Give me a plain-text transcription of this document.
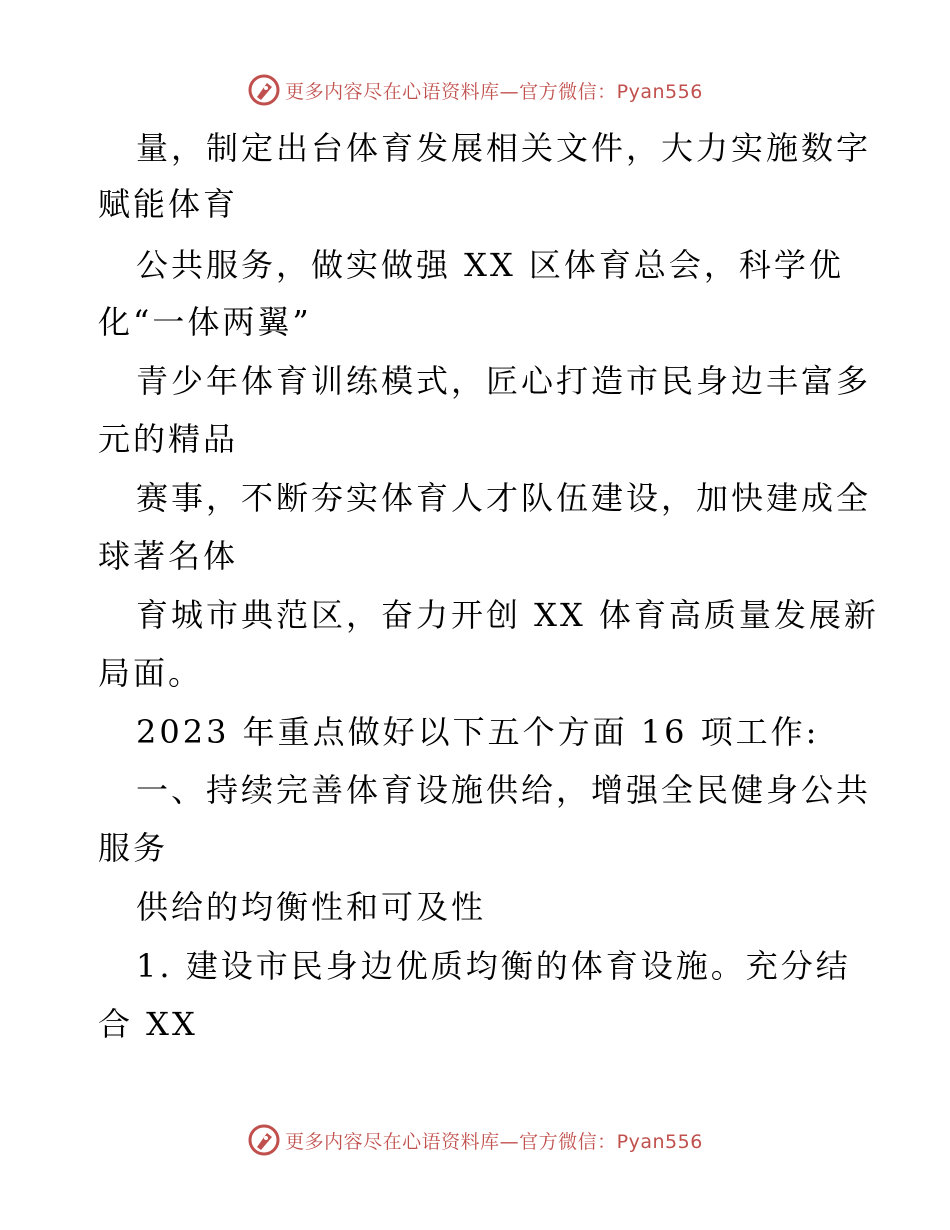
更多内容尽在心语资料库—官方微信：Pyan556
量，制定出台体育发展相关文件，大力实施数字
赋能体育
公共服务，做实做强 XX 区体育总会，科学优
化“一体两翼”
青少年体育训练模式，匠心打造市民身边丰富多
元的精品
赛事，不断夯实体育人才队伍建设，加快建成全
球著名体
育城市典范区，奋力开创 XX 体育高质量发展新
局面。
2023 年重点做好以下五个方面 16 项工作:
一、持续完善体育设施供给，增强全民健身公共
服务
供给的均衡性和可及性
1. 建设市民身边优质均衡的体育设施。充分结
合 XX
更多内容尽在心语资料库—官方微信：Pyan556
